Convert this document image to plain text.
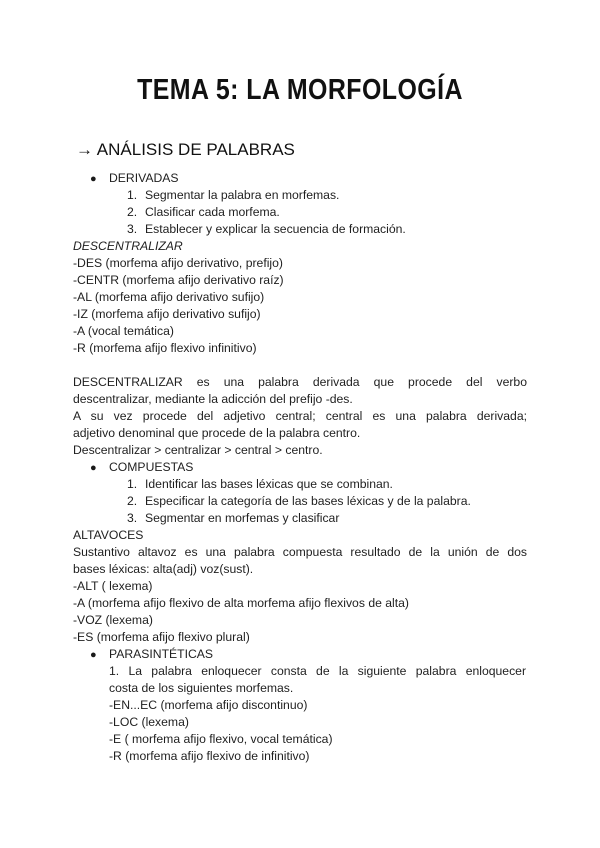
TEMA 5: LA MORFOLOGÍA
→ ANÁLISIS DE PALABRAS
● DERIVADAS
1. Segmentar la palabra en morfemas.
2. Clasificar cada morfema.
3. Establecer y explicar la secuencia de formación.
DESCENTRALIZAR
-DES (morfema afijo derivativo, prefijo)
-CENTR (morfema afijo derivativo raíz)
-AL (morfema afijo derivativo sufijo)
-IZ (morfema afijo derivativo sufijo)
-A (vocal temática)
-R (morfema afijo flexivo infinitivo)
DESCENTRALIZAR es una palabra derivada que procede del verbo
descentralizar, mediante la adicción del prefijo -des.
A su vez procede del adjetivo central; central es una palabra derivada;
adjetivo denominal que procede de la palabra centro.
Descentralizar > centralizar > central > centro.
● COMPUESTAS
1. Identificar las bases léxicas que se combinan.
2. Especificar la categoría de las bases léxicas y de la palabra.
3. Segmentar en morfemas y clasificar
ALTAVOCES
Sustantivo altavoz es una palabra compuesta resultado de la unión de dos
bases léxicas: alta(adj) voz(sust).
-ALT ( lexema)
-A (morfema afijo flexivo de alta morfema afijo flexivos de alta)
-VOZ (lexema)
-ES (morfema afijo flexivo plural)
● PARASINTÉTICAS
1. La palabra enloquecer consta de la siguiente palabra enloquecer
costa de los siguientes morfemas.
-EN...EC (morfema afijo discontinuo)
-LOC (lexema)
-E ( morfema afijo flexivo, vocal temática)
-R (morfema afijo flexivo de infinitivo)
